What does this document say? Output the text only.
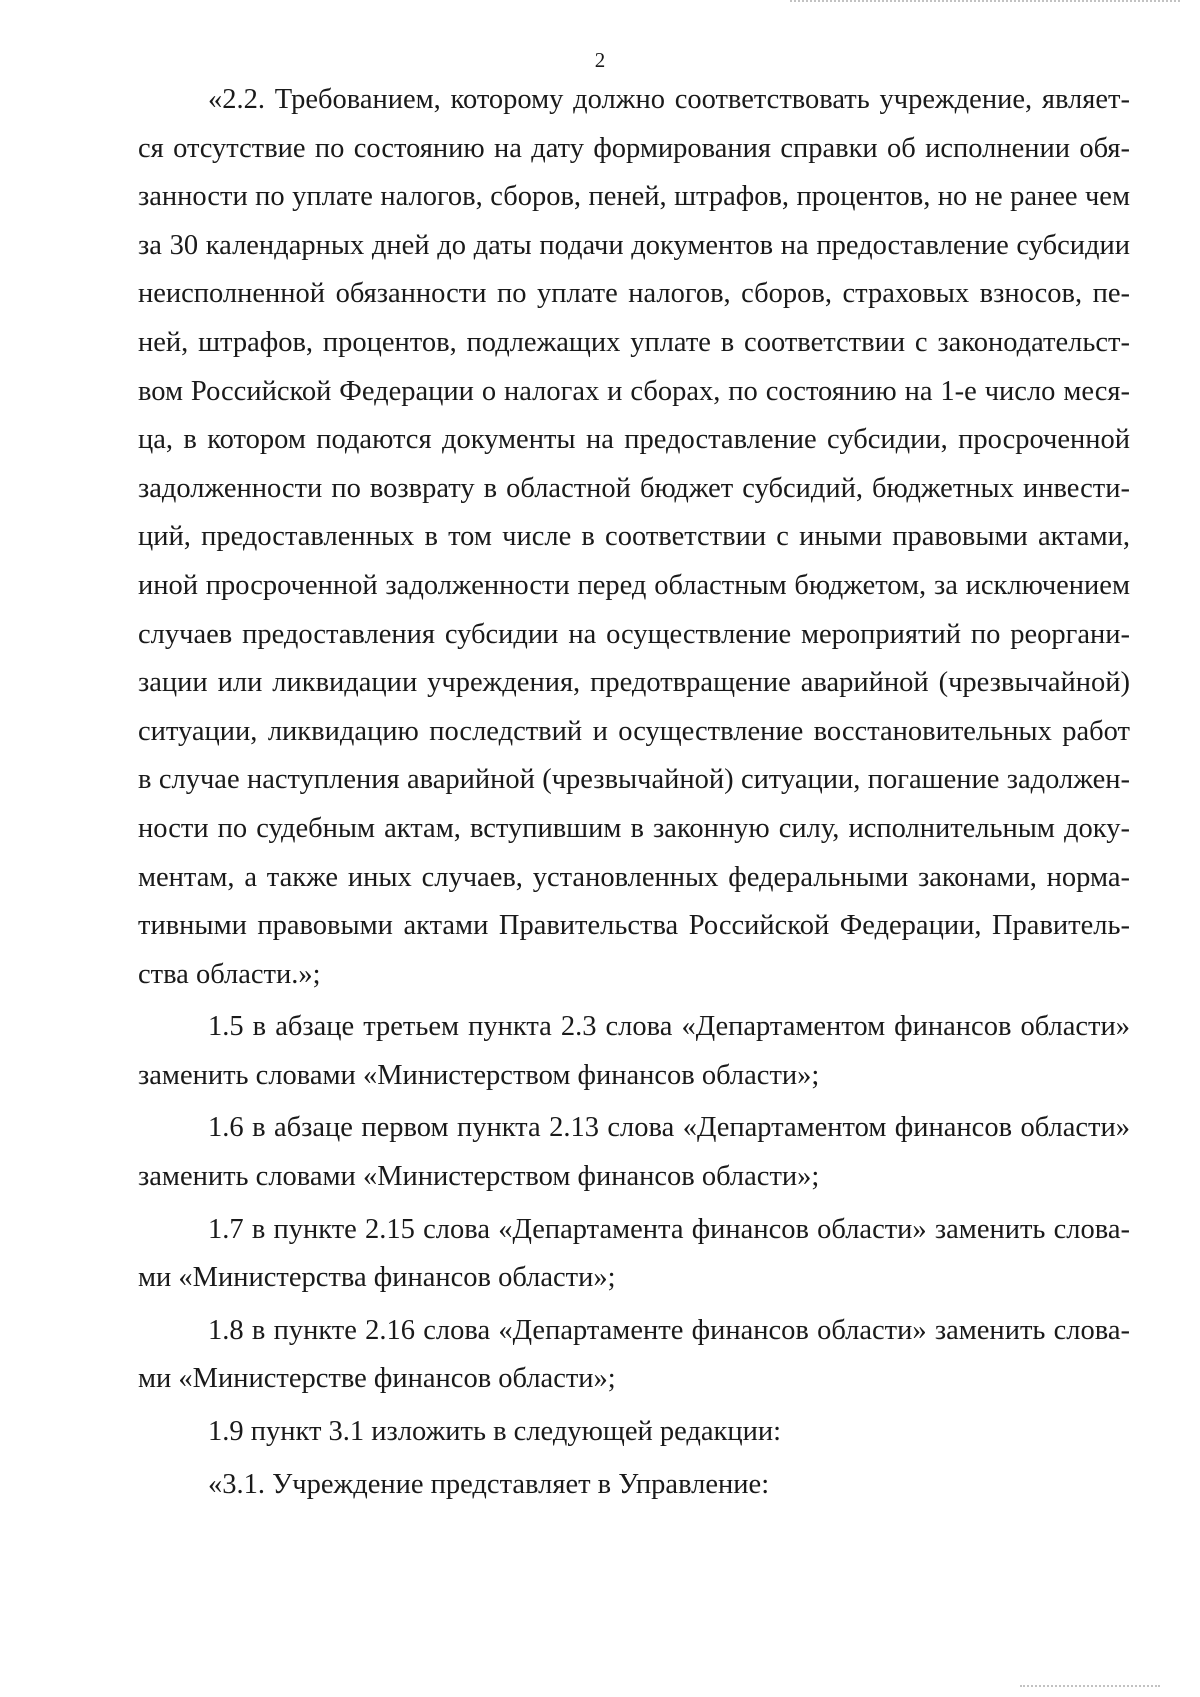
2

«2.2. Требованием, которому должно соответствовать учреждение, является отсутствие по состоянию на дату формирования справки об исполнении обязанности по уплате налогов, сборов, пеней, штрафов, процентов, но не ранее чем за 30 календарных дней до даты подачи документов на предоставление субсидии неисполненной обязанности по уплате налогов, сборов, страховых взносов, пеней, штрафов, процентов, подлежащих уплате в соответствии с законодательством Российской Федерации о налогах и сборах, по состоянию на 1-е число месяца, в котором подаются документы на предоставление субсидии, просроченной задолженности по возврату в областной бюджет субсидий, бюджетных инвестиций, предоставленных в том числе в соответствии с иными правовыми актами, иной просроченной задолженности перед областным бюджетом, за исключением случаев предоставления субсидии на осуществление мероприятий по реорганизации или ликвидации учреждения, предотвращение аварийной (чрезвычайной) ситуации, ликвидацию последствий и осуществление восстановительных работ в случае наступления аварийной (чрезвычайной) ситуации, погашение задолженности по судебным актам, вступившим в законную силу, исполнительным документам, а также иных случаев, установленных федеральными законами, нормативными правовыми актами Правительства Российской Федерации, Правительства области.»;

1.5 в абзаце третьем пункта 2.3 слова «Департаментом финансов области» заменить словами «Министерством финансов области»;

1.6 в абзаце первом пункта 2.13 слова «Департаментом финансов области» заменить словами «Министерством финансов области»;

1.7 в пункте 2.15 слова «Департамента финансов области» заменить словами «Министерства финансов области»;

1.8 в пункте 2.16 слова «Департаменте финансов области» заменить словами «Министерстве финансов области»;

1.9 пункт 3.1 изложить в следующей редакции:

«3.1. Учреждение представляет в Управление:
